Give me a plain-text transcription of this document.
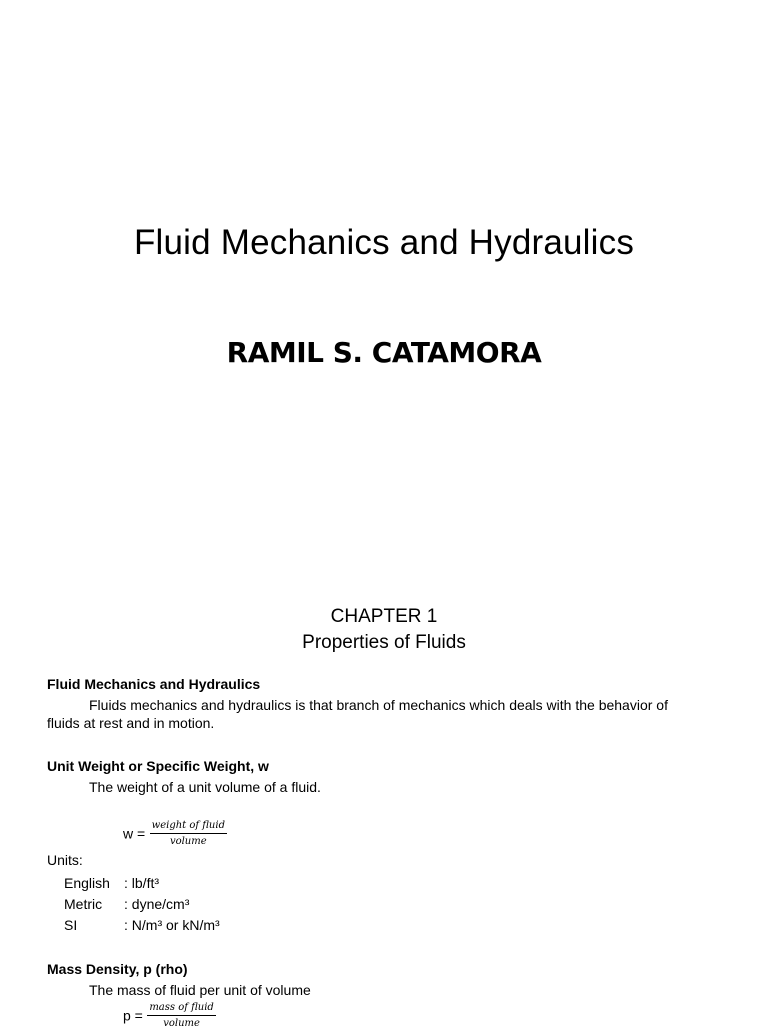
Fluid Mechanics and Hydraulics
RAMIL S. CATAMORA
CHAPTER 1
Properties of Fluids
Fluid Mechanics and Hydraulics
Fluids mechanics and hydraulics is that branch of mechanics which deals with the behavior of
fluids at rest and in motion.
Unit Weight or Specific Weight, w
The weight of a unit volume of a fluid.
$w = \frac{\text{weight of fluid}}{\text{volume}}$
Units:
English : lb/ft³
Metric : dyne/cm³
SI	: N/m³ or kN/m³
Mass Density, p (rho)
The mass of fluid per unit of volume
$p = \frac{\text{mass of fluid}}{\text{volume}}$
